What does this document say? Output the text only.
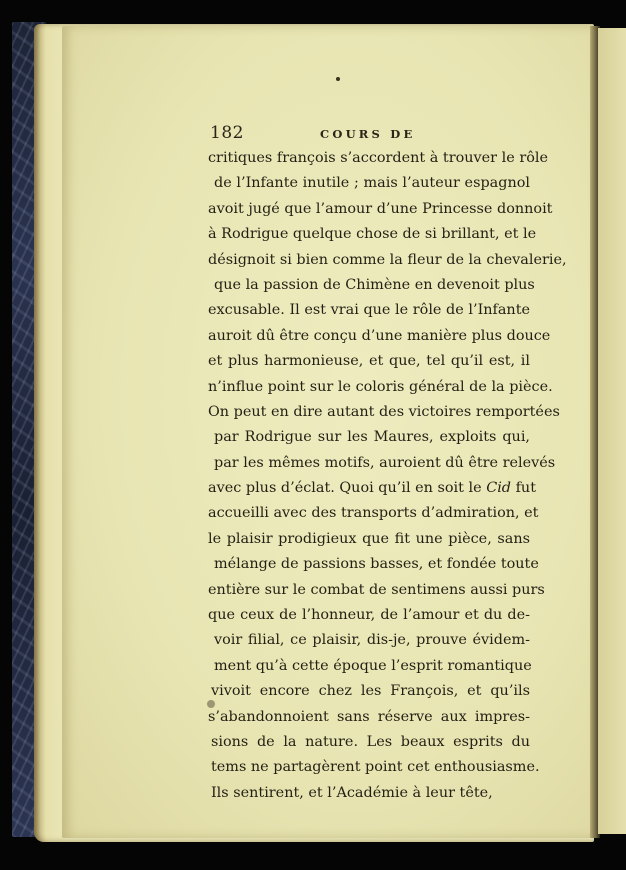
182	COURS DE
critiques françois s’accordent à trouver le rôle
de l’Infante inutile ; mais l’auteur espagnol
avoit jugé que l’amour d’une Princesse donnoit
à Rodrigue quelque chose de si brillant, et le
désignoit si bien comme la fleur de la chevalerie,
que la passion de Chimène en devenoit plus
excusable. Il est vrai que le rôle de l’Infante
auroit dû être conçu d’une manière plus douce
et plus harmonieuse, et que, tel qu’il est, il
n’influe point sur le coloris général de la pièce.
On peut en dire autant des victoires remportées
par Rodrigue sur les Maures, exploits qui,
par les mêmes motifs, auroient dû être relevés
avec plus d’éclat. Quoi qu’il en soit le Cid fut
accueilli avec des transports d’admiration, et
le plaisir prodigieux que fit une pièce, sans
mélange de passions basses, et fondée toute
entière sur le combat de sentimens aussi purs
que ceux de l’honneur, de l’amour et du de-
voir filial, ce plaisir, dis-je, prouve évidem-
ment qu’à cette époque l’esprit romantique
vivoit encore chez les François, et qu’ils
s’abandonnoient sans réserve aux impres-
sions de la nature. Les beaux esprits du
tems ne partagèrent point cet enthousiasme.
Ils sentirent, et l’Académie à leur tête,
